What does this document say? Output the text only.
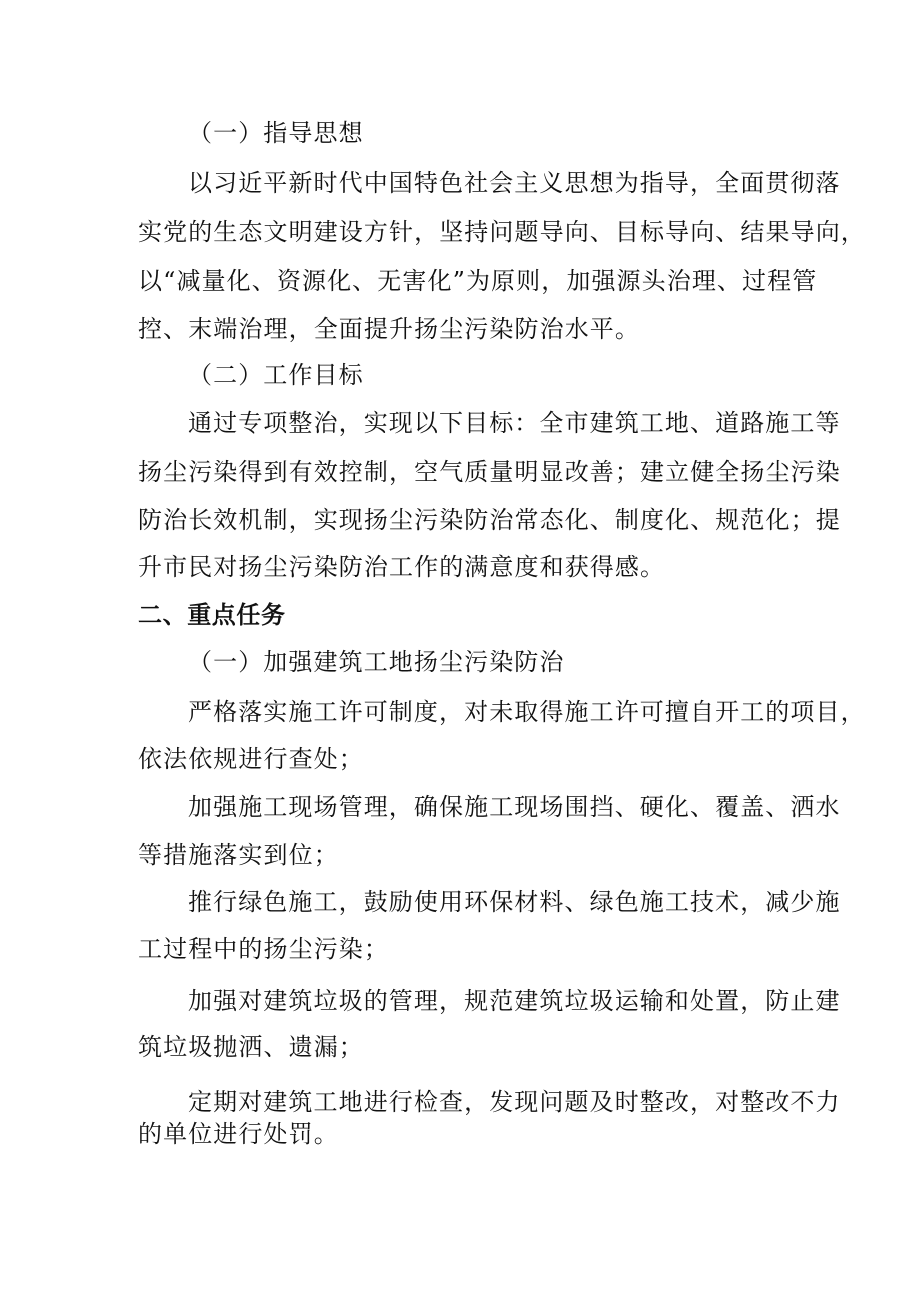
（一）指导思想
以习近平新时代中国特色社会主义思想为指导，全面贯彻落
实党的生态文明建设方针，坚持问题导向、目标导向、结果导向，
以“减量化、资源化、无害化”为原则，加强源头治理、过程管
控、末端治理，全面提升扬尘污染防治水平。
（二）工作目标
通过专项整治，实现以下目标：全市建筑工地、道路施工等
扬尘污染得到有效控制，空气质量明显改善；建立健全扬尘污染
防治长效机制，实现扬尘污染防治常态化、制度化、规范化；提
升市民对扬尘污染防治工作的满意度和获得感。
二、重点任务
（一）加强建筑工地扬尘污染防治
严格落实施工许可制度，对未取得施工许可擅自开工的项目，
依法依规进行查处；
加强施工现场管理，确保施工现场围挡、硬化、覆盖、洒水
等措施落实到位；
推行绿色施工，鼓励使用环保材料、绿色施工技术，减少施
工过程中的扬尘污染；
加强对建筑垃圾的管理，规范建筑垃圾运输和处置，防止建
筑垃圾抛洒、遗漏；
定期对建筑工地进行检查，发现问题及时整改，对整改不力
的单位进行处罚。
